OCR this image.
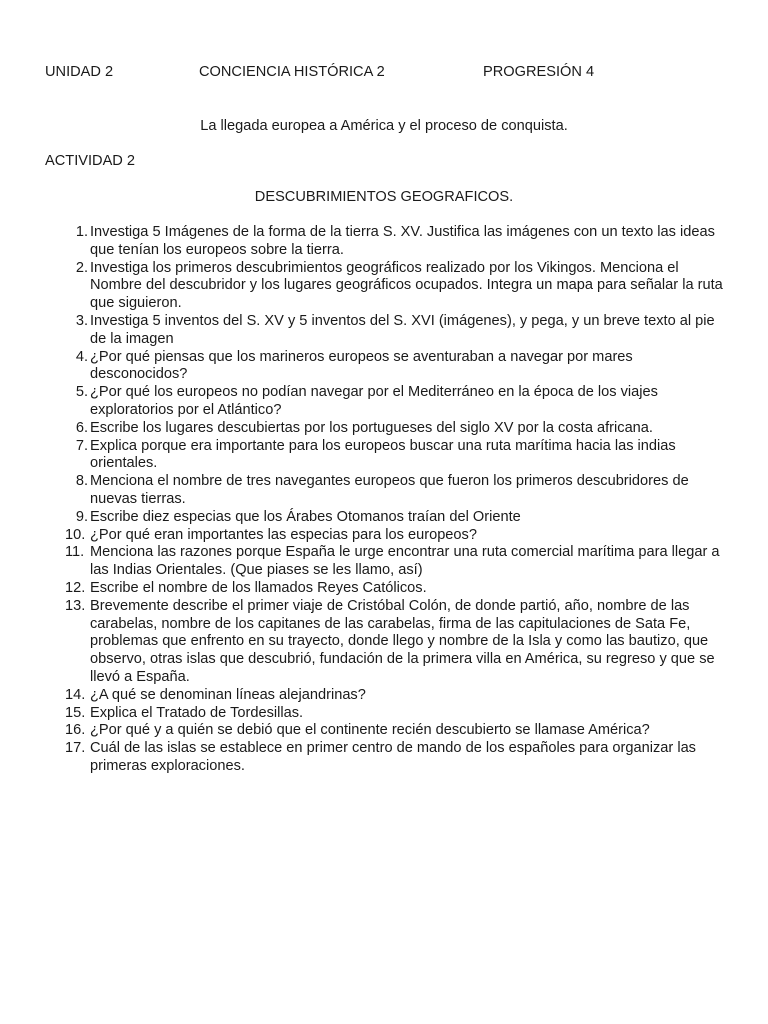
UNIDAD 2	CONCIENCIA HISTÓRICA 2	PROGRESIÓN 4
La llegada europea a América y el proceso de conquista.
ACTIVIDAD 2
DESCUBRIMIENTOS GEOGRAFICOS.
1. Investiga 5 Imágenes de la forma de la tierra S. XV. Justifica las imágenes con un texto las ideas que tenían los europeos sobre la tierra.
2. Investiga los primeros descubrimientos geográficos realizado por los Vikingos. Menciona el Nombre del descubridor y los lugares geográficos ocupados. Integra un mapa para señalar la ruta que siguieron.
3. Investiga 5 inventos del S. XV y 5 inventos del S. XVI (imágenes), y pega, y un breve texto al pie de la imagen
4. ¿Por qué piensas que los marineros europeos se aventuraban a navegar por mares desconocidos?
5. ¿Por qué los europeos no podían navegar por el Mediterráneo en la época de los viajes exploratorios por el Atlántico?
6. Escribe los lugares descubiertas por los portugueses del siglo XV por la costa africana.
7. Explica porque era importante para los europeos buscar una ruta marítima hacia las indias orientales.
8. Menciona el nombre de tres navegantes europeos que fueron los primeros descubridores de nuevas tierras.
9. Escribe diez especias que los Árabes Otomanos traían del Oriente
10. ¿Por qué eran importantes las especias para los europeos?
11. Menciona las razones porque España le urge encontrar una ruta comercial marítima para llegar a las Indias Orientales. (Que piases se les llamo, así)
12. Escribe el nombre de los llamados Reyes Católicos.
13. Brevemente describe el primer viaje de Cristóbal Colón, de donde partió, año, nombre de las carabelas, nombre de los capitanes de las carabelas, firma de las capitulaciones de Sata Fe, problemas que enfrento en su trayecto, donde llego y nombre de la Isla y como las bautizo, que observo, otras islas que descubrió, fundación de la primera villa en América, su regreso y que se llevó a España.
14. ¿A qué se denominan líneas alejandrinas?
15. Explica el Tratado de Tordesillas.
16. ¿Por qué y a quién se debió que el continente recién descubierto se llamase América?
17. Cuál de las islas se establece en primer centro de mando de los españoles para organizar las primeras exploraciones.
